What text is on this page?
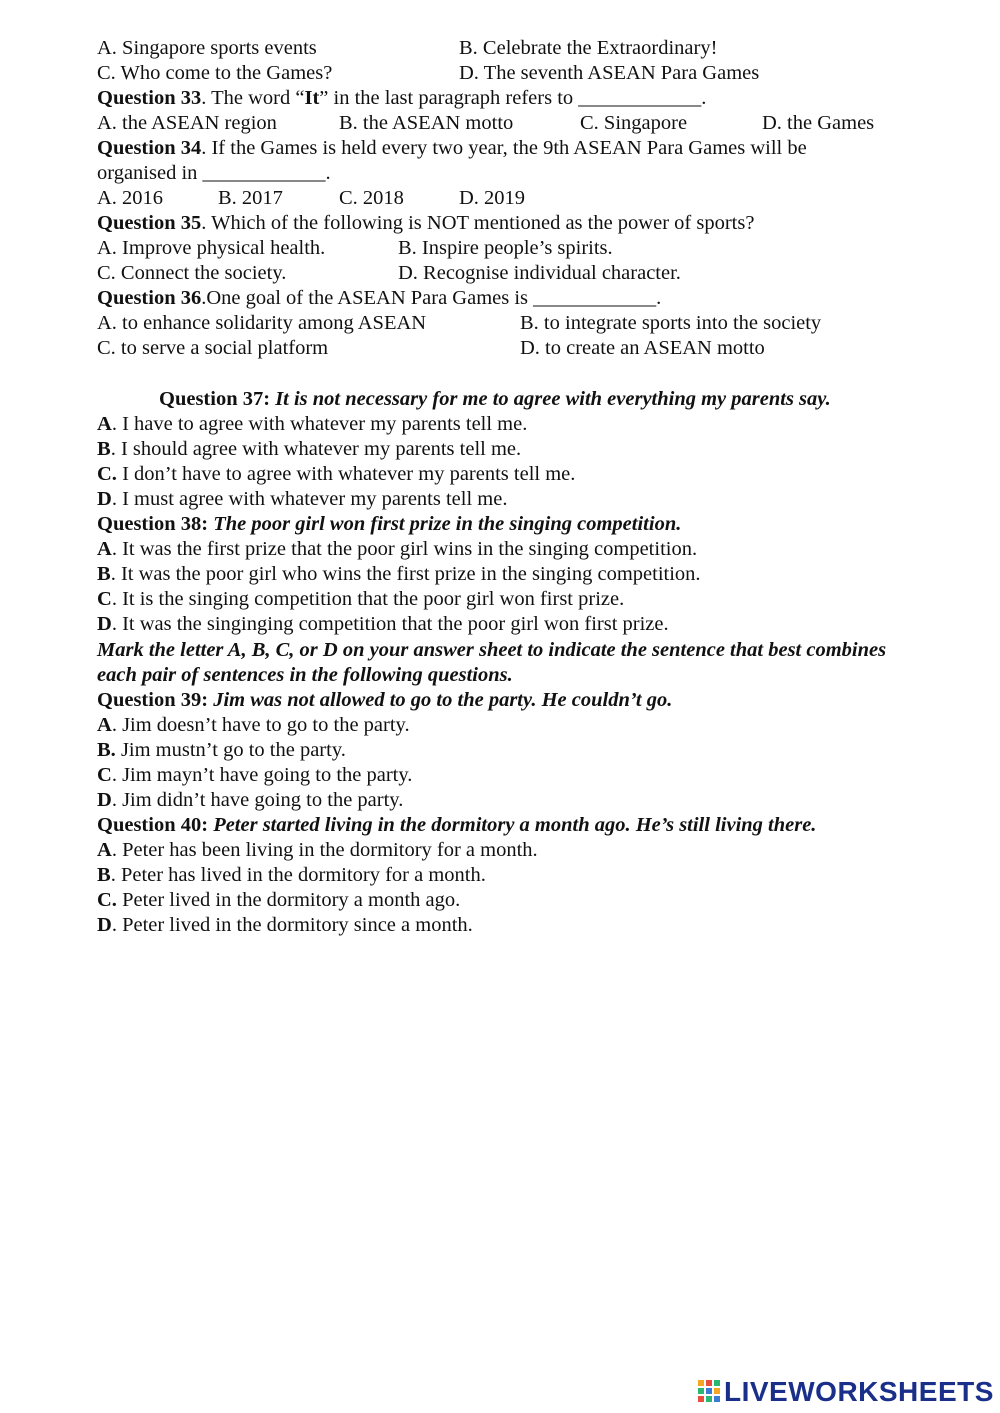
A. Singapore sports events	B. Celebrate the Extraordinary!
C. Who come to the Games?	D. The seventh ASEAN Para Games
Question 33. The word “It” in the last paragraph refers to ____________.
A. the ASEAN region	B. the ASEAN motto	C. Singapore	D. the Games
Question 34. If the Games is held every two year, the 9th ASEAN Para Games will be
organised in ____________.
A. 2016	B. 2017	C. 2018	D. 2019
Question 35. Which of the following is NOT mentioned as the power of sports?
A. Improve physical health.	B. Inspire people’s spirits.
C. Connect the society.	D. Recognise individual character.
Question 36.One goal of the ASEAN Para Games is ____________.
A. to enhance solidarity among ASEAN	B. to integrate sports into the society
C. to serve a social platform	D. to create an ASEAN motto
Question 37: It is not necessary for me to agree with everything my parents say.
A. I have to agree with whatever my parents tell me.
B. I should agree with whatever my parents tell me.
C. I don’t have to agree with whatever my parents tell me.
D. I must agree with whatever my parents tell me.
Question 38: The poor girl won first prize in the singing competition.
A. It was the first prize that the poor girl wins in the singing competition.
B. It was the poor girl who wins the first prize in the singing competition.
C. It is the singing competition that the poor girl won first prize.
D. It was the singinging competition that the poor girl won first prize.
Mark the letter A, B, C, or D on your answer sheet to indicate the sentence that best combines
each pair of sentences in the following questions.
Question 39: Jim was not allowed to go to the party. He couldn’t go.
A. Jim doesn’t have to go to the party.
B. Jim mustn’t go to the party.
C. Jim mayn’t have going to the party.
D. Jim didn’t have going to the party.
Question 40: Peter started living in the dormitory a month ago. He’s still living there.
A. Peter has been living in the dormitory for a month.
B. Peter has lived in the dormitory for a month.
C. Peter lived in the dormitory a month ago.
D. Peter lived in the dormitory since a month.
LIVEWORKSHEETS
